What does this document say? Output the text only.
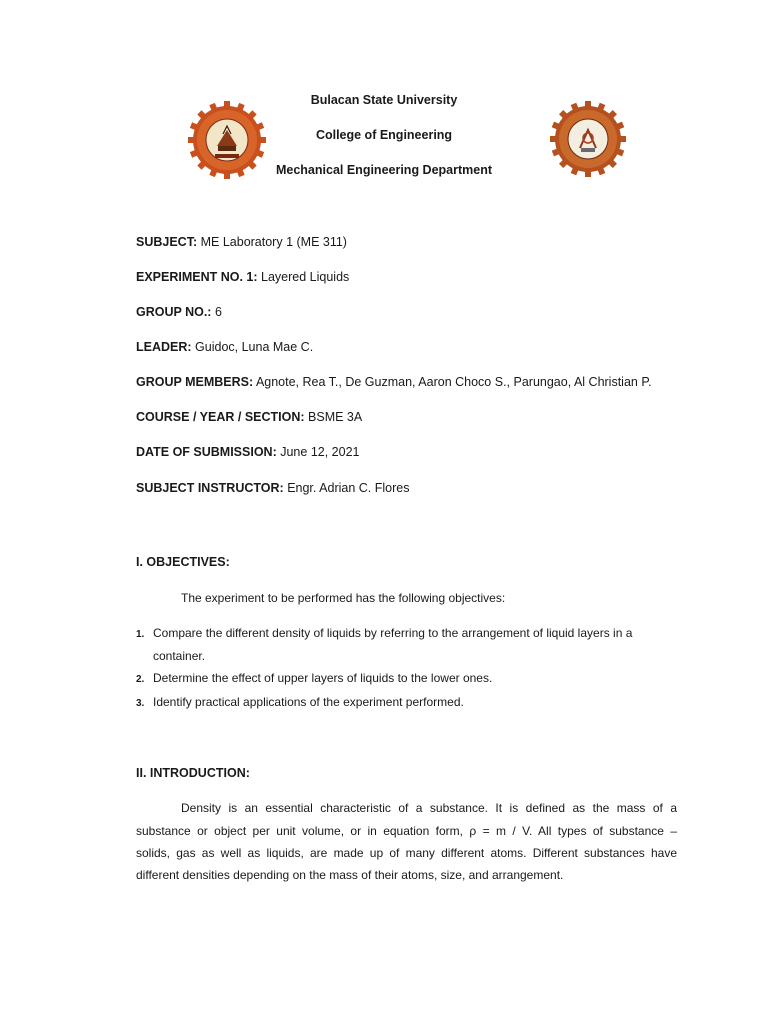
Bulacan State University
College of Engineering
Mechanical Engineering Department
SUBJECT: ME Laboratory 1 (ME 311)
EXPERIMENT NO. 1: Layered Liquids
GROUP NO.: 6
LEADER: Guidoc, Luna Mae C.
GROUP MEMBERS: Agnote, Rea T., De Guzman, Aaron Choco S., Parungao, Al Christian P.
COURSE / YEAR / SECTION: BSME 3A
DATE OF SUBMISSION: June 12, 2021
SUBJECT INSTRUCTOR: Engr. Adrian C. Flores
I. OBJECTIVES:
The experiment to be performed has the following objectives:
1. Compare the different density of liquids by referring to the arrangement of liquid layers in a
container.
2. Determine the effect of upper layers of liquids to the lower ones.
3. Identify practical applications of the experiment performed.
II. INTRODUCTION:
Density is an essential characteristic of a substance. It is defined as the mass of a
substance or object per unit volume, or in equation form, ρ = m / V. All types of substance –
solids, gas as well as liquids, are made up of many different atoms. Different substances have
different densities depending on the mass of their atoms, size, and arrangement.
